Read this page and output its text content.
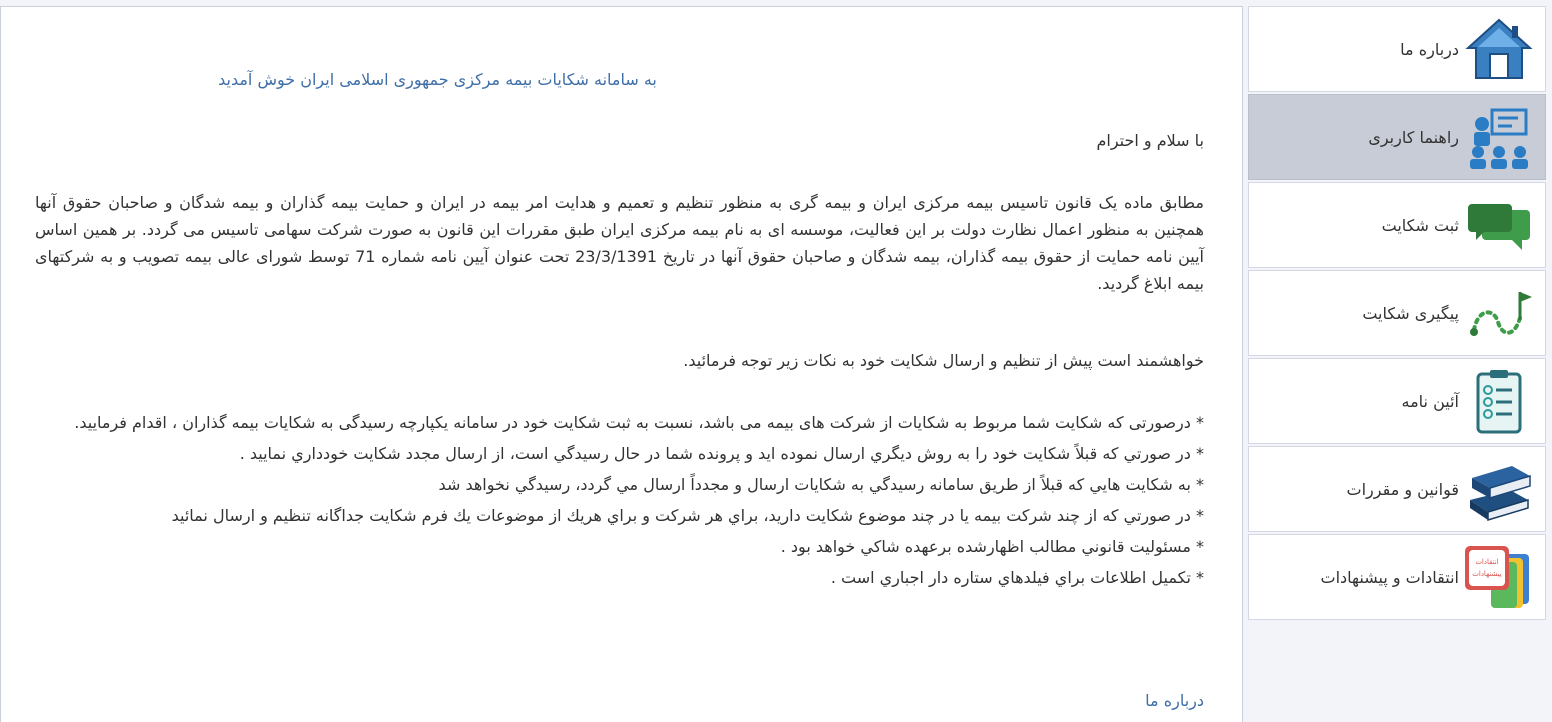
به سامانه شکایات بیمه مرکزی جمهوری اسلامی ایران خوش آمدید

با سلام و احترام

مطابق ماده یک قانون تاسیس بیمه مرکزی ایران و بیمه گری به منظور تنظیم و تعمیم و هدایت امر بیمه در ایران و حمایت بیمه گذاران و بیمه شدگان و صاحبان حقوق آنها همچنین به منظور اعمال نظارت دولت بر این فعالیت، موسسه ای به نام بیمه مرکزی ایران طبق مقررات این قانون به صورت شرکت سهامی تاسیس می گردد. بر همین اساس آیین نامه حمایت از حقوق بیمه گذاران، بیمه شدگان و صاحبان حقوق آنها در تاریخ 23/3/1391 تحت عنوان آیین نامه شماره 71 توسط شورای عالی بیمه تصویب و به شرکتهای بیمه ابلاغ گردید.

خواهشمند است پیش از تنظیم و ارسال شکایت خود به نکات زیر توجه فرمائید.

* درصورتی که شکایت شما مربوط به شکایات از شرکت های بیمه می باشد، نسبت به ثبت شکایت خود در سامانه یکپارچه رسیدگی به شکایات بیمه گذاران ، اقدام فرمایید.
* در صورتي كه قبلاً شكايت خود را به روش ديگري ارسال نموده ايد و پرونده شما در حال رسيدگي است، از ارسال مجدد شكايت خودداري نماييد .
* به شكايت هايي كه قبلاً از طريق سامانه رسيدگي به شكايات ارسال و مجدداً ارسال مي گردد، رسيدگي نخواهد شد
* در صورتي كه از چند شركت بيمه يا در چند موضوع شكايت داريد، براي هر شركت و براي هريك از موضوعات يك فرم شكايت جداگانه تنظيم و ارسال نمائيد
* مسئوليت قانوني مطالب اظهارشده برعهده شاكي خواهد بود .
* تكميل اطلاعات براي فيلدهاي ستاره دار اجباري است .
درباره ما
درباره ما
راهنما کاربری
ثبت شکایت
پیگیری شکایت
آئین نامه
قوانین و مقررات
انتقادات
پیشنهادات
انتقادات و پیشنهادات
